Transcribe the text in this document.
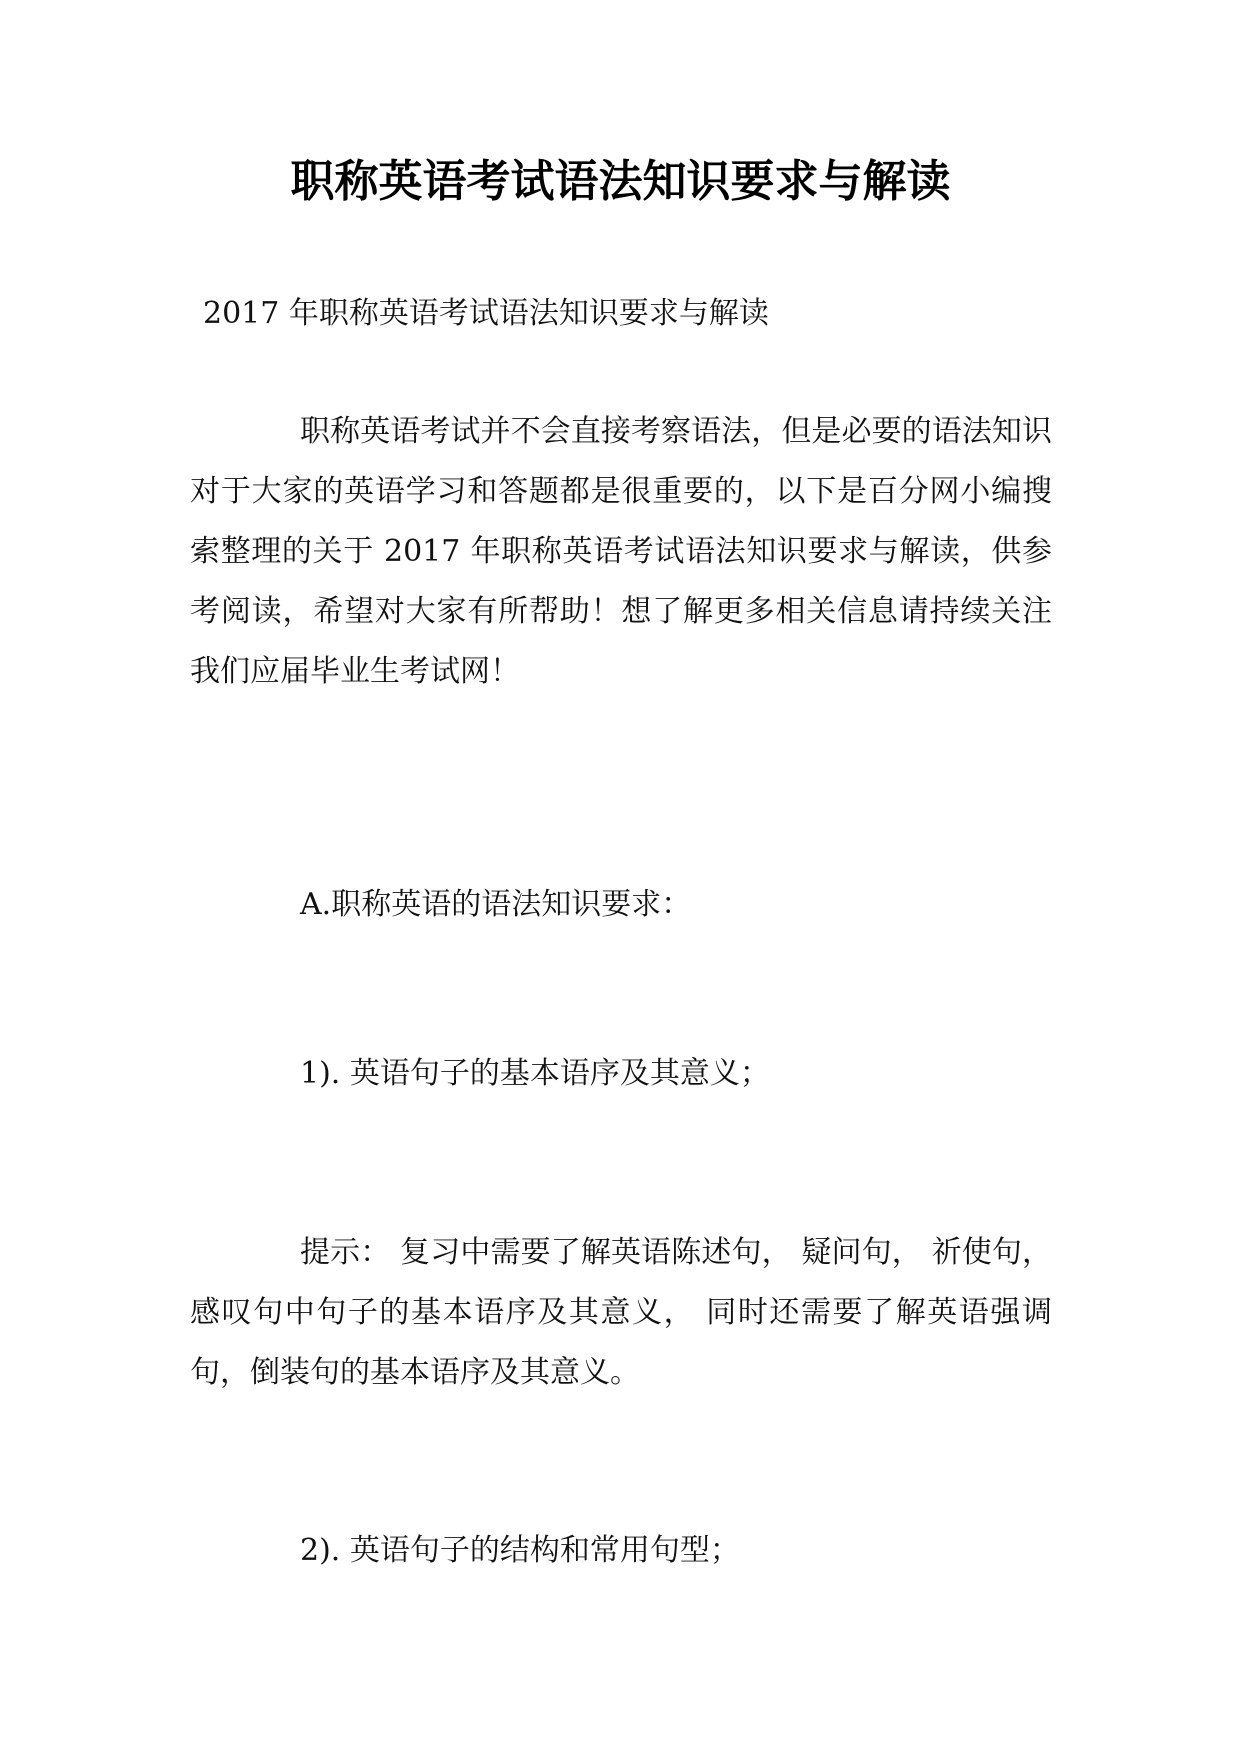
职称英语考试语法知识要求与解读
2017 年职称英语考试语法知识要求与解读
职称英语考试并不会直接考察语法，但是必要的语法知识对于大家的英语学习和答题都是很重要的，以下是百分网小编搜索整理的关于 2017 年职称英语考试语法知识要求与解读，供参考阅读，希望对大家有所帮助！想了解更多相关信息请持续关注我们应届毕业生考试网！
A.职称英语的语法知识要求：
1). 英语句子的基本语序及其意义；
提示： 复习中需要了解英语陈述句， 疑问句， 祈使句， 感叹句中句子的基本语序及其意义， 同时还需要了解英语强调句，倒装句的基本语序及其意义。
2). 英语句子的结构和常用句型；
